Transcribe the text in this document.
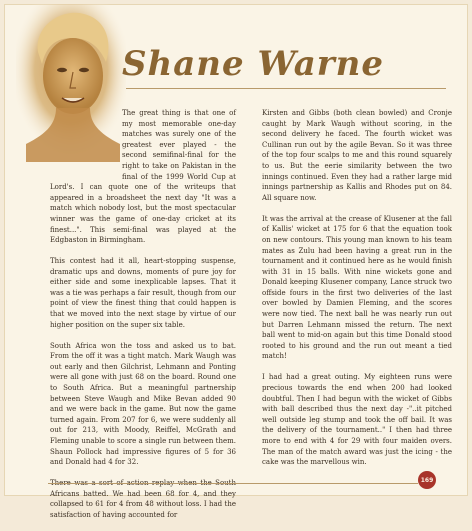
Shane Warne

The great thing is that one of my most memorable one-day matches was surely one of the greatest ever played - the second semifinal-final for the right to take on Pakistan in the final of the 1999 World Cup at Lord's. I can quote one of the writeups that appeared in a broadsheet the next day "It was a match which nobody lost, but the most spectacular winner was the game of one-day cricket at its finest...". This semi-final was played at the Edgbaston in Birmingham.

This contest had it all, heart-stopping suspense, dramatic ups and downs, moments of pure joy for either side and some inexplicable lapses. That it was a tie was perhaps a fair result, though from our point of view the finest thing that could happen is that we moved into the next stage by virtue of our higher position on the super six table.

South Africa won the toss and asked us to bat. From the off it was a tight match. Mark Waugh was out early and then Gilchrist, Lehmann and Ponting were all gone with just 68 on the board. Round one to South Africa. But a meaningful partnership between Steve Waugh and Mike Bevan added 90 and we were back in the game. But now the game turned again. From 207 for 6, we were suddenly all out for 213, with Moody, Reiffel, McGrath and Fleming unable to score a single run between them. Shaun Pollock had impressive figures of 5 for 36 and Donald had 4 for 32.

Africans batted. We had been 68 for 4, and they collapsed to 61 for 4 from 48 without loss. I had the satisfaction of having accounted for

Kirsten and Gibbs (both clean bowled) and Cronje caught by Mark Waugh without scoring, in the second delivery he faced. The fourth wicket was Cullinan run out by the agile Bevan. So it was three of the top four scalps to me and this round squarely to us. But the eerie similarity between the two innings continued. Even they had a rather large mid innings partnership as Kallis and Rhodes put on 84. All square now.

It was the arrival at the crease of Klusener at the fall of Kallis' wicket at 175 for 6 that the equation took on new contours. This young man known to his team mates as Zulu had been having a great run in the tournament and it continued here as he would finish with 31 in 15 balls. With nine wickets gone and Donald keeping Klusener company, Lance struck two offside fours in the first two deliveries of the last over bowled by Damien Fleming, and the scores were now tied. The next ball he was nearly run out but Darren Lehmann missed the return. The next ball went to mid-on again but this time Donald stood rooted to his ground and the run out meant a tied match!

I had had a great outing. My eighteen runs were precious towards the end when 200 had looked doubtful. Then I had begun with the wicket of Gibbs with ball described thus the next day -"..it pitched well outside leg stump and took the off bail. It was the delivery of the tournament.." I then had three more to end with 4 for 29 with four maiden overs. The man of the match award was just the icing - the cake was the marvellous win.

169
